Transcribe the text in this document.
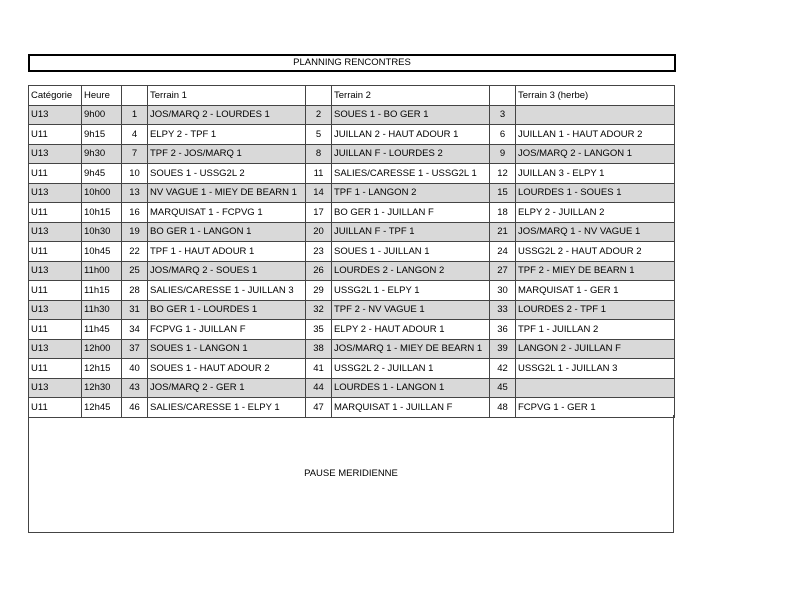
PLANNING RENCONTRES
Catégorie	Heure		Terrain 1		Terrain 2		Terrain 3 (herbe)
U13	9h00	1	JOS/MARQ 2 - LOURDES 1	2	SOUES 1 - BO GER 1	3	
U11	9h15	4	ELPY 2 - TPF 1	5	JUILLAN 2 - HAUT ADOUR 1	6	JUILLAN 1 - HAUT ADOUR 2
U13	9h30	7	TPF 2 - JOS/MARQ 1	8	JUILLAN F - LOURDES 2	9	JOS/MARQ 2 - LANGON 1
U11	9h45	10	SOUES 1 - USSG2L 2	11	SALIES/CARESSE 1 - USSG2L 1	12	JUILLAN 3 - ELPY 1
U13	10h00	13	NV VAGUE 1 - MIEY DE BEARN 1	14	TPF 1 - LANGON 2	15	LOURDES 1 - SOUES 1
U11	10h15	16	MARQUISAT 1 - FCPVG 1	17	BO GER 1 - JUILLAN F	18	ELPY 2 - JUILLAN 2
U13	10h30	19	BO GER 1 - LANGON 1	20	JUILLAN F - TPF 1	21	JOS/MARQ 1 - NV VAGUE 1
U11	10h45	22	TPF 1 - HAUT ADOUR 1	23	SOUES 1 - JUILLAN 1	24	USSG2L 2 - HAUT ADOUR 2
U13	11h00	25	JOS/MARQ 2 - SOUES 1	26	LOURDES 2 - LANGON 2	27	TPF 2 - MIEY DE BEARN 1
U11	11h15	28	SALIES/CARESSE 1 - JUILLAN 3	29	USSG2L 1 - ELPY 1	30	MARQUISAT 1 - GER 1
U13	11h30	31	BO GER 1 - LOURDES 1	32	TPF 2 - NV VAGUE 1	33	LOURDES 2 - TPF 1
U11	11h45	34	FCPVG 1 - JUILLAN F	35	ELPY 2 - HAUT ADOUR 1	36	TPF 1 - JUILLAN 2
U13	12h00	37	SOUES 1 - LANGON 1	38	JOS/MARQ 1 - MIEY DE BEARN 1	39	LANGON 2 - JUILLAN F
U11	12h15	40	SOUES 1 - HAUT ADOUR 2	41	USSG2L 2 - JUILLAN 1	42	USSG2L 1 - JUILLAN 3
U13	12h30	43	JOS/MARQ 2 - GER 1	44	LOURDES 1 - LANGON 1	45	
U11	12h45	46	SALIES/CARESSE 1 - ELPY 1	47	MARQUISAT 1 - JUILLAN F	48	FCPVG 1 - GER 1
PAUSE MERIDIENNE
